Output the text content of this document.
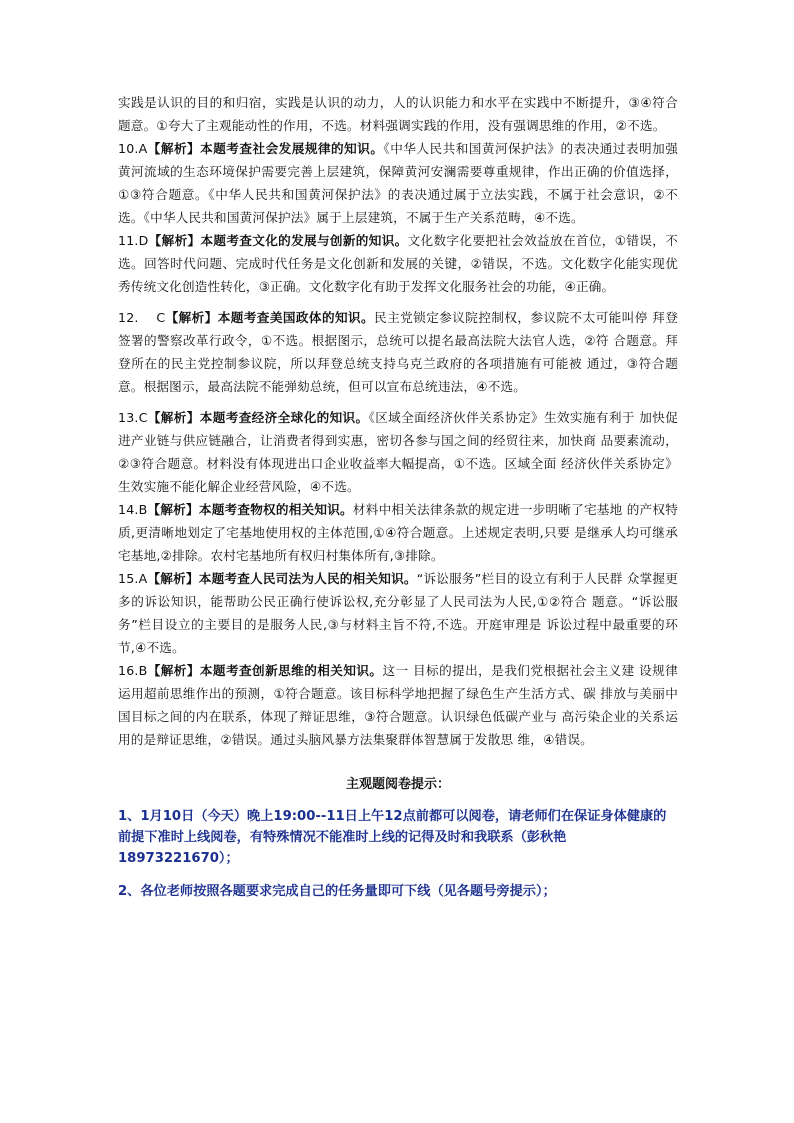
实践是认识的目的和归宿，实践是认识的动力，人的认识能力和水平在实践中不断提升，③④符合题意。①夸大了主观能动性的作用，不选。材料强调实践的作用，没有强调思维的作用，②不选。

10.A【解析】本题考查社会发展规律的知识。《中华人民共和国黄河保护法》的表决通过表明加强黄河流域的生态环境保护需要完善上层建筑，保障黄河安澜需要尊重规律，作出正确的价值选择，①③符合题意。《中华人民共和国黄河保护法》的表决通过属于立法实践，不属于社会意识，②不选。《中华人民共和国黄河保护法》属于上层建筑，不属于生产关系范畴，④不选。

11.D【解析】本题考查文化的发展与创新的知识。文化数字化要把社会效益放在首位，①错误，不选。回答时代问题、完成时代任务是文化创新和发展的关键，②错误，不选。文化数字化能实现优秀传统文化创造性转化，③正确。文化数字化有助于发挥文化服务社会的功能，④正确。

12.　 C【解析】本题考查美国政体的知识。民主党锁定参议院控制权，参议院不太可能叫停 拜登签署的警察改革行政令，①不选。根据图示，总统可以提名最高法院大法官人选，②符 合题意。拜登所在的民主党控制参议院，所以拜登总统支持乌克兰政府的各项措施有可能被 通过，③符合题意。根据图示，最高法院不能弹劾总统，但可以宣布总统违法，④不选。

13.C【解析】本题考查经济全球化的知识。《区域全面经济伙伴关系协定》生效实施有利于 加快促进产业链与供应链融合，让消费者得到实惠，密切各参与国之间的经贸往来，加快商 品要素流动，②③符合题意。材料没有体现进出口企业收益率大幅提高，①不选。区域全面 经济伙伴关系协定》生效实施不能化解企业经营风险，④不选。

14.B【解析】本题考查物权的相关知识。材料中相关法律条款的规定进一步明晰了宅基地 的产权特质,更清晰地划定了宅基地使用权的主体范围,①④符合题意。上述规定表明,只要 是继承人均可继承宅基地,②排除。农村宅基地所有权归村集体所有,③排除。

15.A【解析】本题考查人民司法为人民的相关知识。“诉讼服务”栏目的设立有利于人民群 众掌握更多的诉讼知识，能帮助公民正确行使诉讼权,充分彰显了人民司法为人民,①②符合 题意。“诉讼服务”栏目设立的主要目的是服务人民,③与材料主旨不符,不选。开庭审理是 诉讼过程中最重要的环节,④不选。

16.B【解析】本题考查创新思维的相关知识。这一 目标的提出，是我们党根据社会主义建 设规律运用超前思维作出的预测，①符合题意。该目标科学地把握了绿色生产生活方式、碳 排放与美丽中国目标之间的内在联系，体现了辩证思维，③符合题意。认识绿色低碳产业与 高污染企业的关系运用的是辩证思维，②错误。通过头脑风暴方法集聚群体智慧属于发散思 维，④错误。

主观题阅卷提示：

1、1月10日（今天）晚上19:00--11日上午12点前都可以阅卷，请老师们在保证身体健康的前提下准时上线阅卷，有特殊情况不能准时上线的记得及时和我联系（彭秋艳18973221670）；

2、各位老师按照各题要求完成自己的任务量即可下线（见各题号旁提示）；
